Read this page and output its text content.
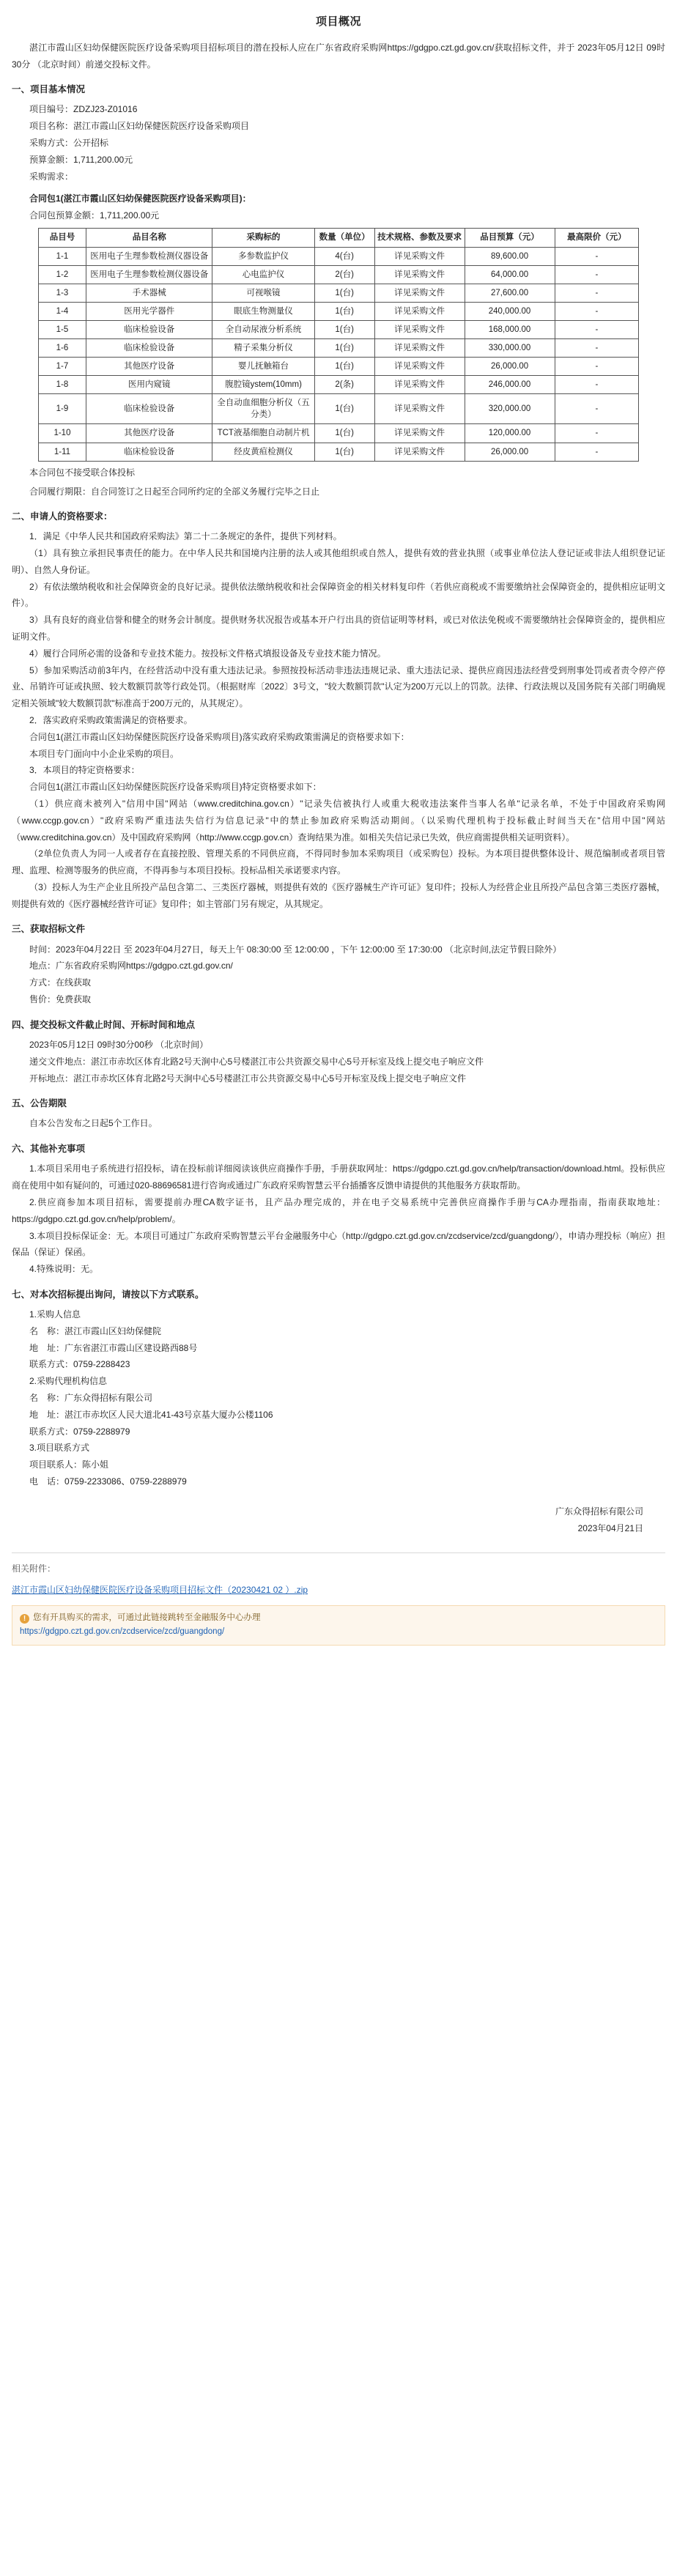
项目概况

湛江市霞山区妇幼保健医院医疗设备采购项目招标项目的潜在投标人应在广东省政府采购网https://gdgpo.czt.gd.gov.cn/获取招标文件，并于 2023年05月12日 09时30分 （北京时间）前递交投标文件。

一、项目基本情况

项目编号：ZDZJ23-Z01016

项目名称：湛江市霞山区妇幼保健医院医疗设备采购项目

采购方式：公开招标

预算金额：1,711,200.00元

采购需求：

合同包1(湛江市霞山区妇幼保健医院医疗设备采购项目)：

合同包预算金额：1,711,200.00元

品目号	品目名称	采购标的	数量（单位）	技术规格、参数及要求	品目预算（元）	最高限价（元）
1-1	医用电子生理参数检测仪器设备	多参数监护仪	4(台)	详见采购文件	89,600.00	-
1-2	医用电子生理参数检测仪器设备	心电监护仪	2(台)	详见采购文件	64,000.00	-
1-3	手术器械	可视喉镜	1(台)	详见采购文件	27,600.00	-
1-4	医用光学器件	眼底生物测量仪	1(台)	详见采购文件	240,000.00	-
1-5	临床检验设备	全自动尿液分析系统	1(台)	详见采购文件	168,000.00	-
1-6	临床检验设备	精子采集分析仪	1(台)	详见采购文件	330,000.00	-
1-7	其他医疗设备	婴儿抚触箱台	1(台)	详见采购文件	26,000.00	-
1-8	医用内窥镜	腹腔镜ystem(10mm)	2(条)	详见采购文件	246,000.00	-
1-9	临床检验设备	全自动血细胞分析仪（五分类）	1(台)	详见采购文件	320,000.00	-
1-10	其他医疗设备	TCT液基细胞自动制片机	1(台)	详见采购文件	120,000.00	-
1-11	临床检验设备	经皮黄疸检测仪	1(台)	详见采购文件	26,000.00	-

本合同包不接受联合体投标

合同履行期限：自合同签订之日起至合同所约定的全部义务履行完毕之日止

二、申请人的资格要求：

1．满足《中华人民共和国政府采购法》第二十二条规定的条件，提供下列材料。

（1）具有独立承担民事责任的能力。在中华人民共和国境内注册的法人或其他组织或自然人，提供有效的营业执照（或事业单位法人登记证或非法人组织登记证明）、自然人身份证。

2）有依法缴纳税收和社会保障资金的良好记录。提供依法缴纳税收和社会保障资金的相关材料复印件（若供应商税或不需要缴纳社会保障资金的，提供相应证明文件）。

3）具有良好的商业信誉和健全的财务会计制度。提供财务状况报告或基本开户行出具的资信证明等材料，或已对依法免税或不需要缴纳社会保障资金的，提供相应证明文件。

4）履行合同所必需的设备和专业技术能力。按投标文件格式填报设备及专业技术能力情况。

5）参加采购活动前3年内，在经营活动中没有重大违法记录。参照按投标活动非违法违规记录、重大违法记录、提供应商因违法经营受到刑事处罚或者责令停产停业、吊销许可证或执照、较大数额罚款等行政处罚。（根据财库〔2022〕3号文，"较大数额罚款"认定为200万元以上的罚款。法律、行政法规以及国务院有关部门明确规定相关领域"较大数额罚款"标准高于200万元的，从其规定）。

2．落实政府采购政策需满足的资格要求。

合同包1(湛江市霞山区妇幼保健医院医疗设备采购项目)落实政府采购政策需满足的资格要求如下：

本项目专门面向中小企业采购的项目。

3．本项目的特定资格要求：

合同包1(湛江市霞山区妇幼保健医院医疗设备采购项目)特定资格要求如下：

（1）供应商未被列入"信用中国"网站（www.creditchina.gov.cn）"记录失信被执行人或重大税收违法案件当事人名单"记录名单，不处于中国政府采购网（www.ccgp.gov.cn）"政府采购严重违法失信行为信息记录"中的禁止参加政府采购活动期间。（以采购代理机构于投标截止时间当天在"信用中国"网站（www.creditchina.gov.cn）及中国政府采购网（http://www.ccgp.gov.cn）查询结果为准。如相关失信记录已失效，供应商需提供相关证明资料）。

（2单位负责人为同一人或者存在直接控股、管理关系的不同供应商，不得同时参加本采购项目（或采购包）投标。为本项目提供整体设计、规范编制或者项目管理、监理、检测等服务的供应商，不得再参与本项目投标。投标品相关承诺要求内容。

（3）投标人为生产企业且所投产品包含第二、三类医疗器械，则提供有效的《医疗器械生产许可证》复印件；投标人为经营企业且所投产品包含第三类医疗器械，则提供有效的《医疗器械经营许可证》复印件；如主管部门另有规定，从其规定。

三、获取招标文件

时间：2023年04月22日 至 2023年04月27日，每天上午 08:30:00 至 12:00:00 ，下午 12:00:00 至 17:30:00 （北京时间,法定节假日除外）

地点：广东省政府采购网https://gdgpo.czt.gd.gov.cn/

方式：在线获取

售价：免费获取

四、提交投标文件截止时间、开标时间和地点

2023年05月12日 09时30分00秒 （北京时间）

递交文件地点：湛江市赤坎区体育北路2号天涧中心5号楼湛江市公共资源交易中心5号开标室及线上提交电子响应文件

开标地点：湛江市赤坎区体育北路2号天涧中心5号楼湛江市公共资源交易中心5号开标室及线上提交电子响应文件

五、公告期限

自本公告发布之日起5个工作日。

六、其他补充事项

1.本项目采用电子系统进行招投标，请在投标前详细阅读该供应商操作手册，手册获取网址：https://gdgpo.czt.gd.gov.cn/help/transaction/download.html。投标供应商在使用中如有疑问的，可通过020-88696581进行咨询或通过广东政府采购智慧云平台插播客反馈申请提供的其他服务方获取帮助。

2.供应商参加本项目招标，需要提前办理CA数字证书，且产品办理完成的，并在电子交易系统中完善供应商操作手册与CA办理指南，指南获取地址：https://gdgpo.czt.gd.gov.cn/help/problem/。

3.本项目投标保证金：无。本项目可通过广东政府采购智慧云平台金融服务中心（http://gdgpo.czt.gd.gov.cn/zcdservice/zcd/guangdong/），申请办理投标（响应）担保品（保证）保函。

4.特殊说明：无。

七、对本次招标提出询问，请按以下方式联系。

1.采购人信息

名　称：湛江市霞山区妇幼保健院

地　址：广东省湛江市霞山区建设路西88号

联系方式：0759-2288423

2.采购代理机构信息

名　称：广东众得招标有限公司

地　址：湛江市赤坎区人民大道北41-43号京基大厦办公楼1106

联系方式：0759-2288979

3.项目联系方式

项目联系人：陈小姐

电　话：0759-2233086、0759-2288979

广东众得招标有限公司
2023年04月21日

相关附件：

湛江市霞山区妇幼保健医院医疗设备采购项目招标文件（20230421 02 ）.zip
! 您有开具购买的需求，可通过此链接跳转至金融服务中心办理
https://gdgpo.czt.gd.gov.cn/zcdservice/zcd/guangdong/
